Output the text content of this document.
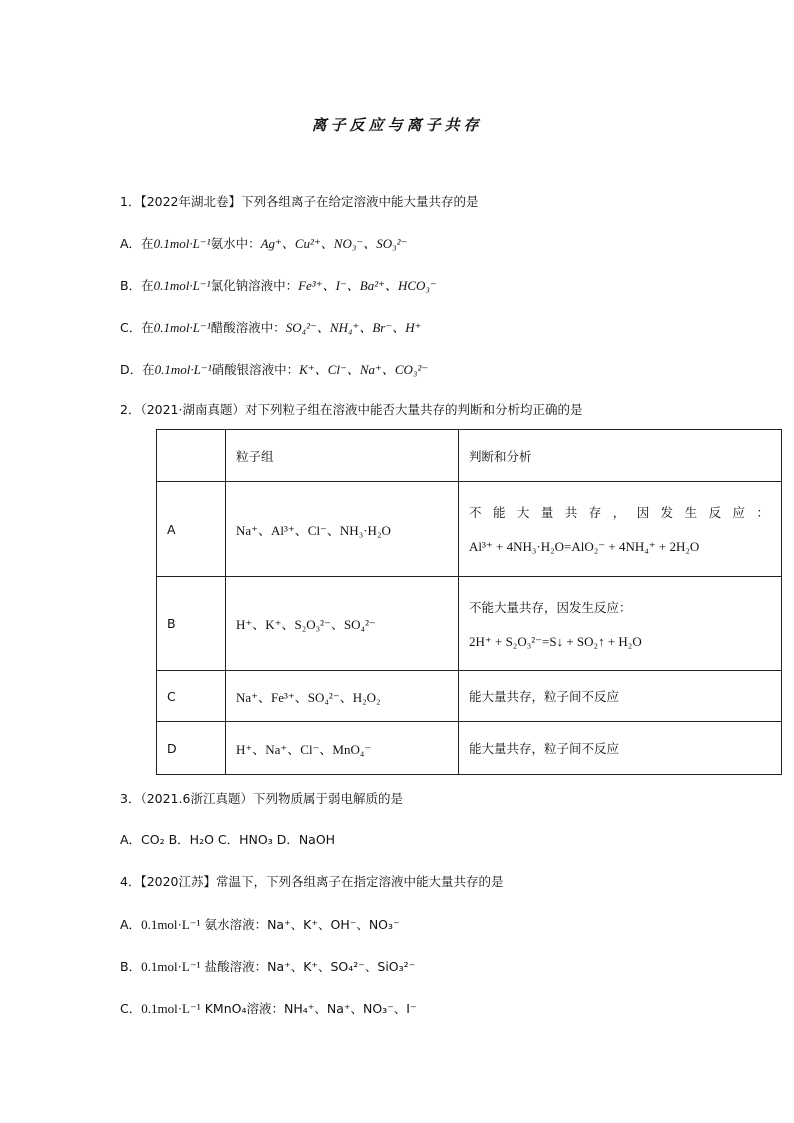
离子反应与离子共存
1．【2022年湖北卷】下列各组离子在给定溶液中能大量共存的是
A．在0.1mol·L⁻¹氨水中：Ag⁺、Cu²⁺、NO₃⁻、SO₃²⁻
B．在0.1mol·L⁻¹氯化钠溶液中：Fe³⁺、I⁻、Ba²⁺、HCO₃⁻
C．在0.1mol·L⁻¹醋酸溶液中：SO₄²⁻、NH₄⁺、Br⁻、H⁺
D．在0.1mol·L⁻¹硝酸银溶液中：K⁺、Cl⁻、Na⁺、CO₃²⁻
2．（2021·湖南真题）对下列粒子组在溶液中能否大量共存的判断和分析均正确的是
	粒子组	判断和分析
A	Na⁺、Al³⁺、Cl⁻、NH₃·H₂O	不能大量共存，因发生反应：
Al³⁺ + 4NH₃·H₂O=AlO₂⁻ + 4NH₄⁺ + 2H₂O

B	H⁺、K⁺、S₂O₃²⁻、SO₄²⁻	不能大量共存，因发生反应：
2H⁺ + S₂O₃²⁻=S↓ + SO₂↑ + H₂O

C	Na⁺、Fe³⁺、SO₄²⁻、H₂O₂	能大量共存，粒子间不反应
D	H⁺、Na⁺、Cl⁻、MnO₄⁻	能大量共存，粒子间不反应
3．（2021.6浙江真题）下列物质属于弱电解质的是
A．CO₂ B．H₂O C．HNO₃ D．NaOH
4．【2020江苏】常温下，下列各组离子在指定溶液中能大量共存的是
A．0.1mol·L⁻¹ 氨水溶液：Na⁺、K⁺、OH⁻、NO₃⁻
B．0.1mol·L⁻¹ 盐酸溶液：Na⁺、K⁺、SO₄²⁻、SiO₃²⁻
C．0.1mol·L⁻¹ KMnO₄溶液：NH₄⁺、Na⁺、NO₃⁻、I⁻
